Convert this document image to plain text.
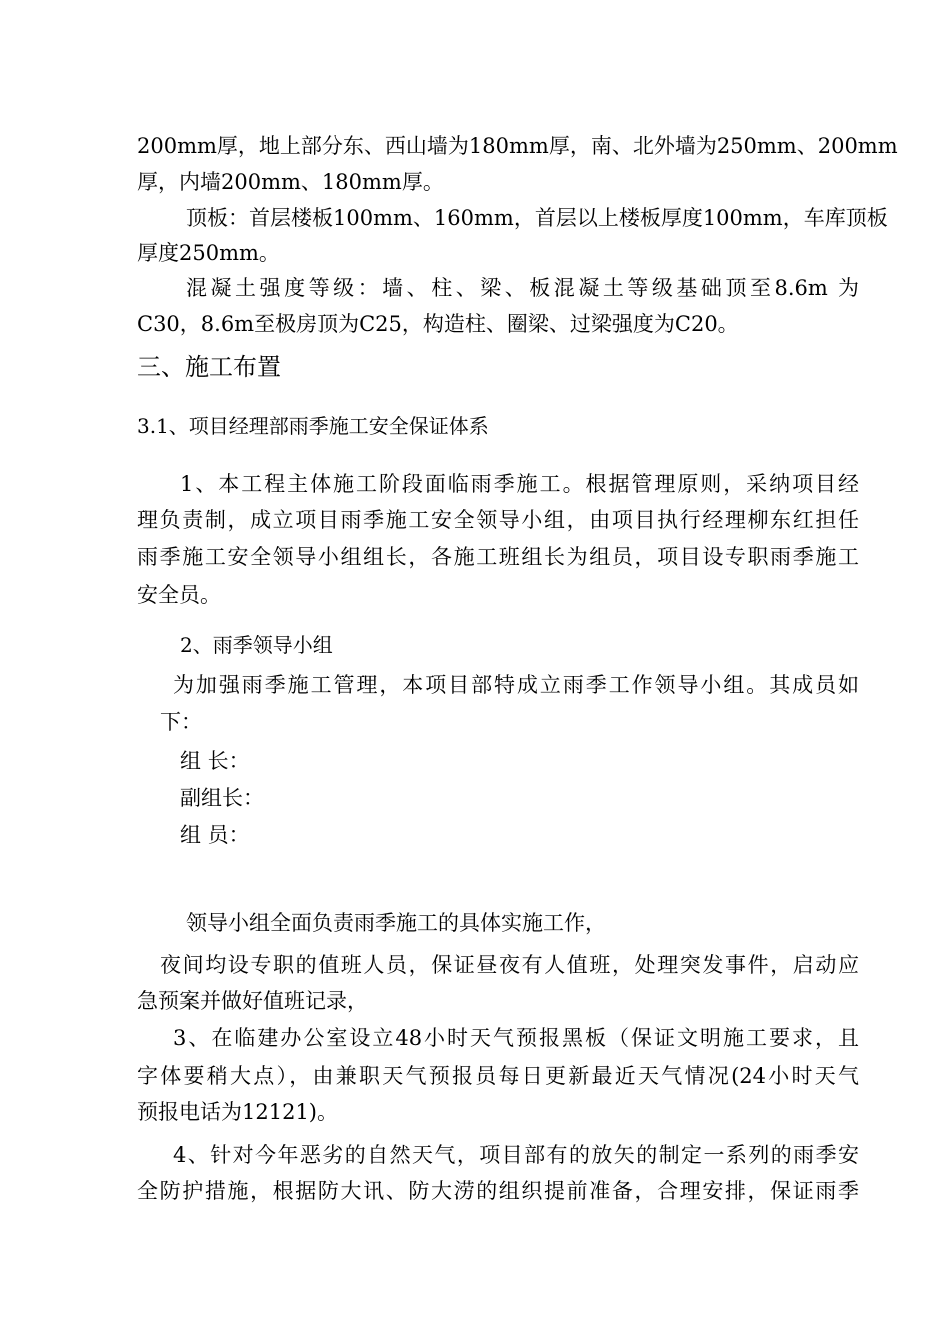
200mm厚，地上部分东、西山墙为180mm厚，南、北外墙为250mm、200mm
厚，内墙200mm、180mm厚。
顶板：首层楼板100mm、160mm，首层以上楼板厚度100mm，车库顶板
厚度250mm。
混凝土强度等级：墙、柱、梁、板混凝土等级基础顶至8.6m 为
C30，8.6m至极房顶为C25，构造柱、圈梁、过梁强度为C20。
三、施工布置
3.1、项目经理部雨季施工安全保证体系
1、本工程主体施工阶段面临雨季施工。根据管理原则，采纳项目经
理负责制，成立项目雨季施工安全领导小组，由项目执行经理柳东红担任
雨季施工安全领导小组组长，各施工班组长为组员，项目设专职雨季施工
安全员。
2、雨季领导小组
为加强雨季施工管理，本项目部特成立雨季工作领导小组。其成员如
下：
组 长：
副组长：
组 员：
领导小组全面负责雨季施工的具体实施工作，
夜间均设专职的值班人员，保证昼夜有人值班，处理突发事件，启动应
急预案并做好值班记录，
3、在临建办公室设立48小时天气预报黑板（保证文明施工要求，且
字体要稍大点），由兼职天气预报员每日更新最近天气情况(24小时天气
预报电话为12121)。
4、针对今年恶劣的自然天气，项目部有的放矢的制定一系列的雨季安
全防护措施，根据防大讯、防大涝的组织提前准备，合理安排，保证雨季
